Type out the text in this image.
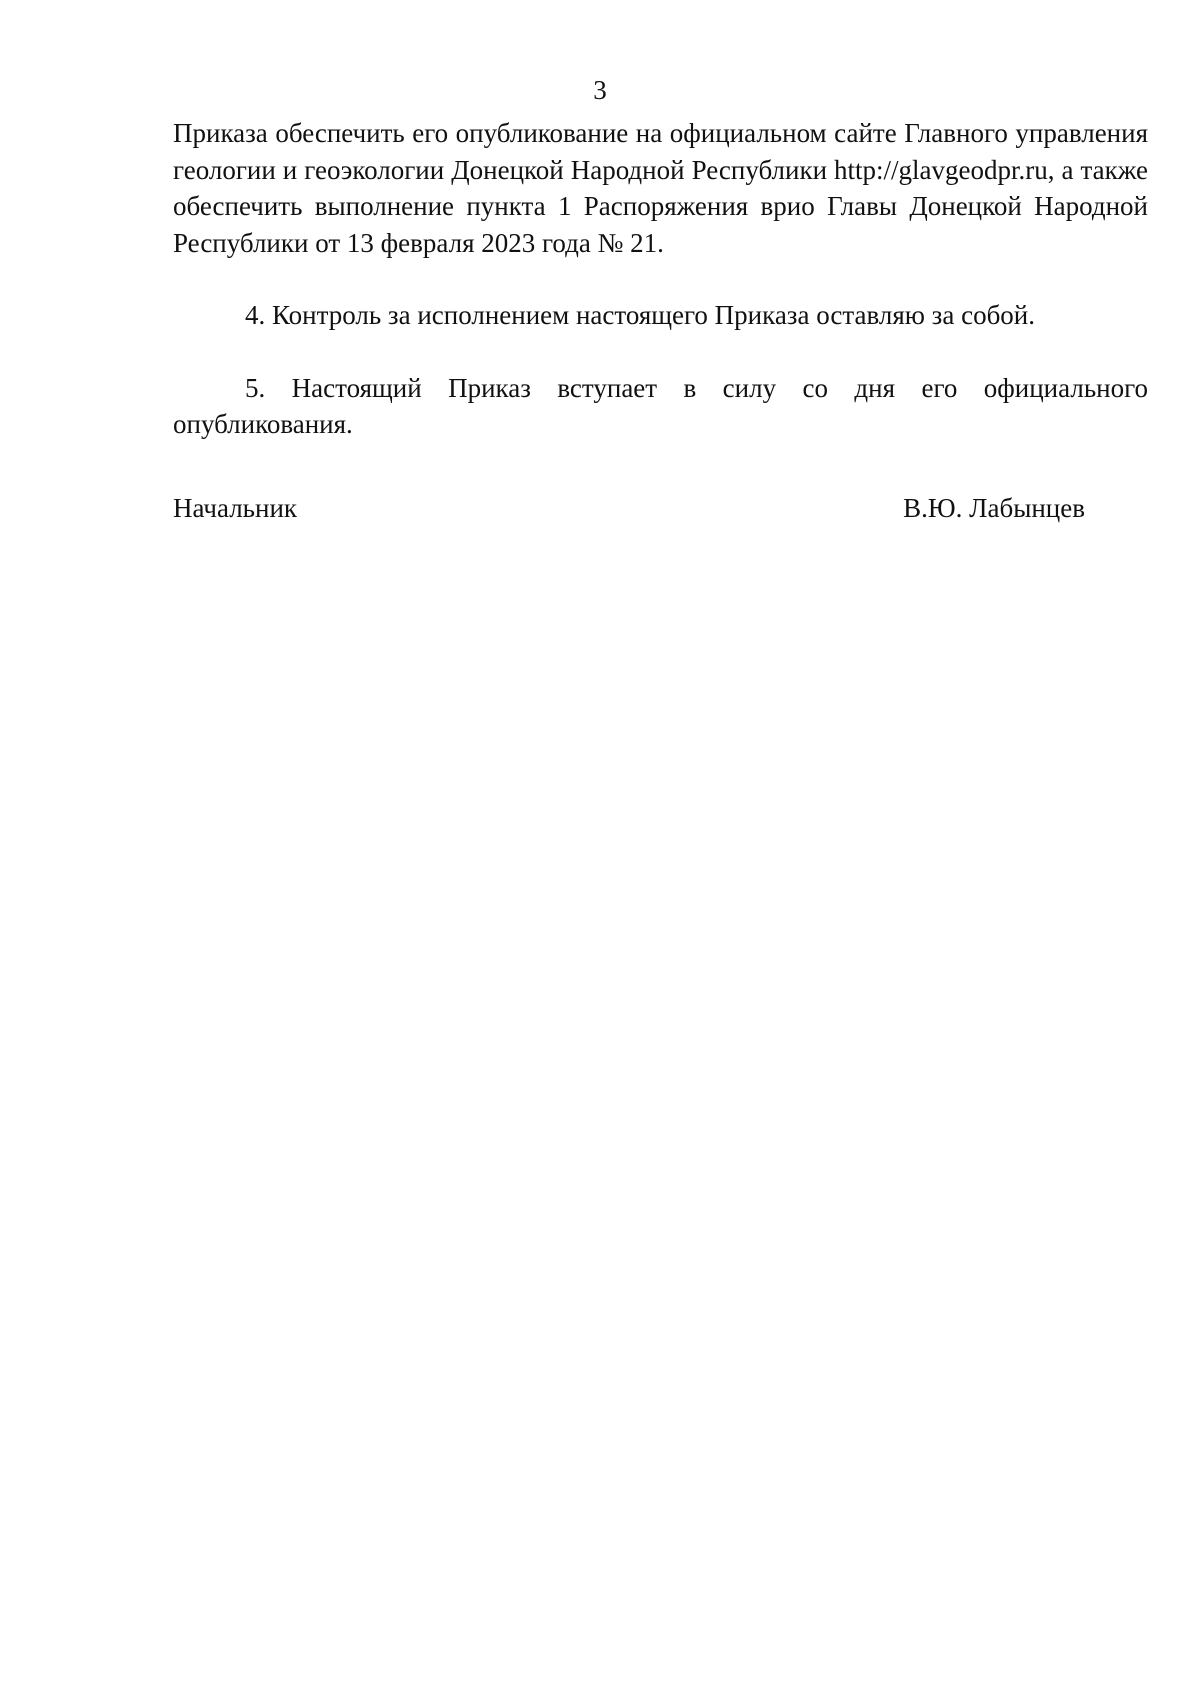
3

Приказа обеспечить его опубликование на официальном сайте Главного управления геологии и геоэкологии Донецкой Народной Республики http://glavgeodpr.ru, а также обеспечить выполнение пункта 1 Распоряжения врио Главы Донецкой Народной Республики от 13 февраля 2023 года № 21.

4. Контроль за исполнением настоящего Приказа оставляю за собой.

5. Настоящий Приказ вступает в силу со дня его официального опубликования.

Начальник	В.Ю. Лабынцев
